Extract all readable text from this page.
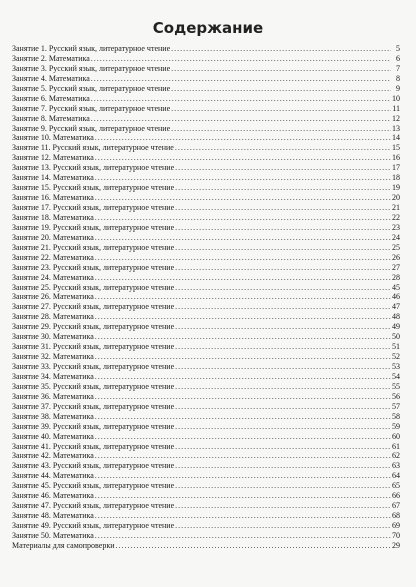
Содержание
Занятие 1. Русский язык, литературное чтение . . .	5
Занятие 2. Математика . . .	6
Занятие 3. Русский язык, литературное чтение . . .	7
Занятие 4. Математика . . .	8
Занятие 5. Русский язык, литературное чтение . . .	9
Занятие 6. Математика . . .	10
Занятие 7. Русский язык, литературное чтение . . .	11
Занятие 8. Математика . . .	12
Занятие 9. Русский язык, литературное чтение . . .	13
Занятие 10. Математика . . .	14
Занятие 11. Русский язык, литературное чтение . . .	15
Занятие 12. Математика . . .	16
Занятие 13. Русский язык, литературное чтение . . .	17
Занятие 14. Математика . . .	18
Занятие 15. Русский язык, литературное чтение . . .	19
Занятие 16. Математика . . .	20
Занятие 17. Русский язык, литературное чтение . . .	21
Занятие 18. Математика . . .	22
Занятие 19. Русский язык, литературное чтение . . .	23
Занятие 20. Математика . . .	24
Занятие 21. Русский язык, литературное чтение . . .	25
Занятие 22. Математика . . .	26
Занятие 23. Русский язык, литературное чтение . . .	27
Занятие 24. Математика . . .	28
Занятие 25. Русский язык, литературное чтение . . .	45
Занятие 26. Математика . . .	46
Занятие 27. Русский язык, литературное чтение . . .	47
Занятие 28. Математика . . .	48
Занятие 29. Русский язык, литературное чтение . . .	49
Занятие 30. Математика . . .	50
Занятие 31. Русский язык, литературное чтение . . .	51
Занятие 32. Математика . . .	52
Занятие 33. Русский язык, литературное чтение . . .	53
Занятие 34. Математика . . .	54
Занятие 35. Русский язык, литературное чтение . . .	55
Занятие 36. Математика . . .	56
Занятие 37. Русский язык, литературное чтение . . .	57
Занятие 38. Математика . . .	58
Занятие 39. Русский язык, литературное чтение . . .	59
Занятие 40. Математика . . .	60
Занятие 41. Русский язык, литературное чтение . . .	61
Занятие 42. Математика . . .	62
Занятие 43. Русский язык, литературное чтение . . .	63
Занятие 44. Математика . . .	64
Занятие 45. Русский язык, литературное чтение . . .	65
Занятие 46. Математика . . .	66
Занятие 47. Русский язык, литературное чтение . . .	67
Занятие 48. Математика . . .	68
Занятие 49. Русский язык, литературное чтение . . .	69
Занятие 50. Математика . . .	70
Материалы для самопроверки . . .	29
